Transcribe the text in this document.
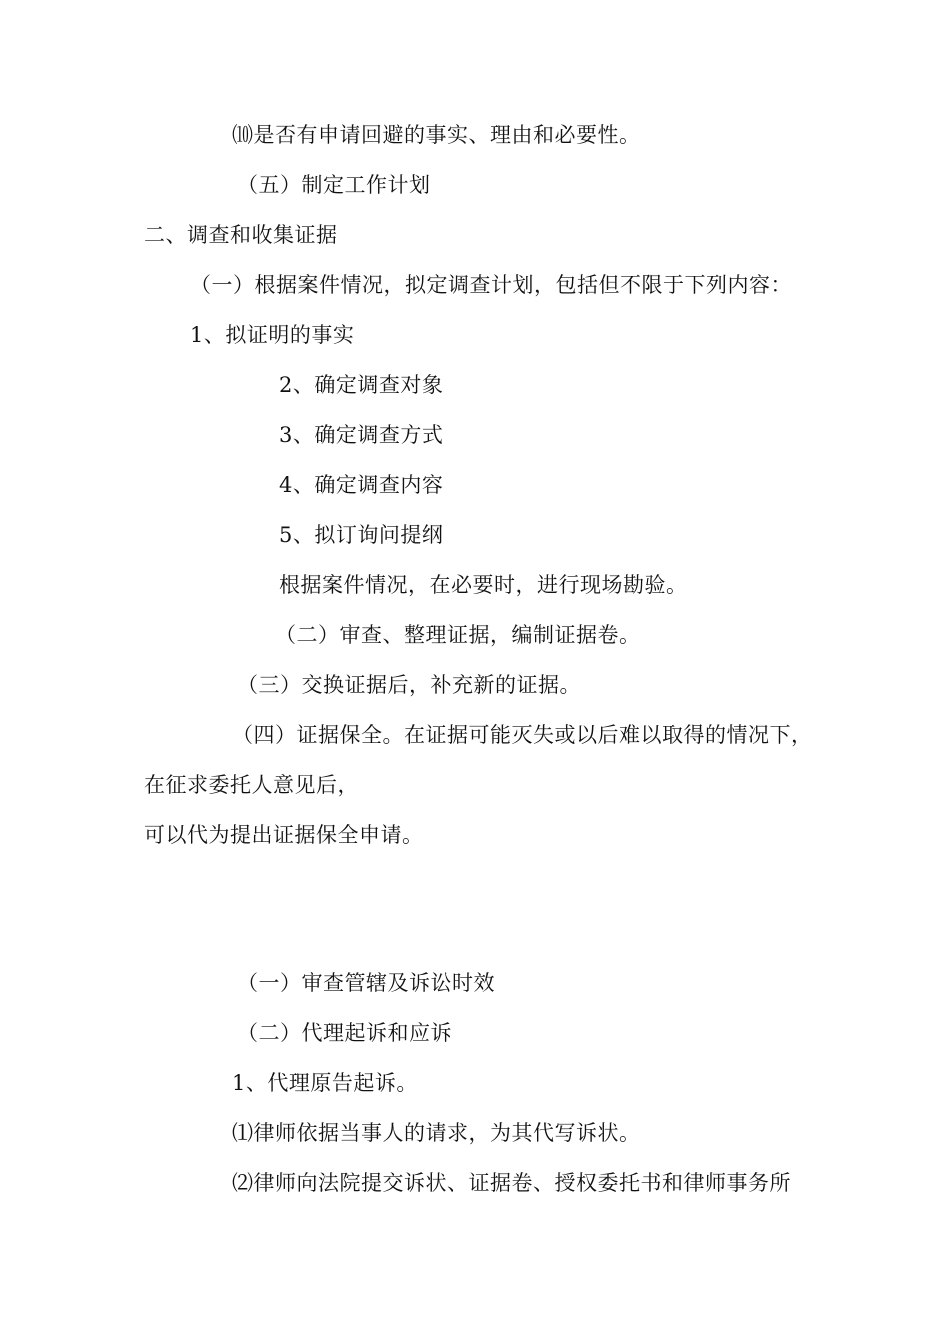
⑽是否有申请回避的事实、理由和必要性。
（五）制定工作计划
二、调查和收集证据
（一）根据案件情况，拟定调查计划，包括但不限于下列内容：
1、拟证明的事实
2、确定调查对象
3、确定调查方式
4、确定调查内容
5、拟订询问提纲
根据案件情况，在必要时，进行现场勘验。
（二）审查、整理证据，编制证据卷。
（三）交换证据后，补充新的证据。
（四）证据保全。在证据可能灭失或以后难以取得的情况下，
在征求委托人意见后，
可以代为提出证据保全申请。
（一）审查管辖及诉讼时效
（二）代理起诉和应诉
1、代理原告起诉。
⑴律师依据当事人的请求，为其代写诉状。
⑵律师向法院提交诉状、证据卷、授权委托书和律师事务所
